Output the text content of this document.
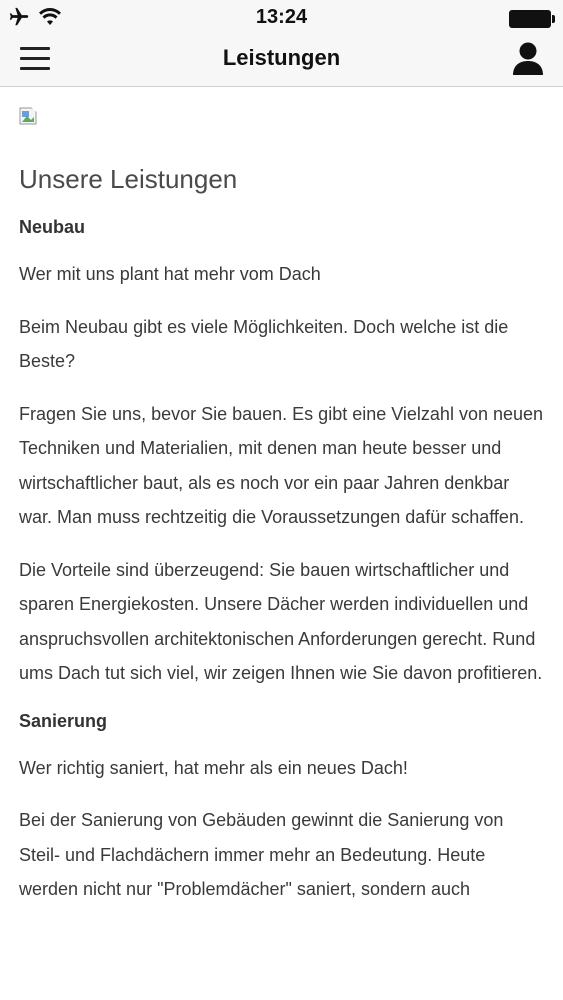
13:24
Leistungen
Unsere Leistungen
Neubau

Wer mit uns plant hat mehr vom Dach

Beim Neubau gibt es viele Möglichkeiten. Doch welche ist die Beste?

Fragen Sie uns, bevor Sie bauen. Es gibt eine Vielzahl von neuen Techniken und Materialien, mit denen man heute besser und wirtschaftlicher baut, als es noch vor ein paar Jahren denkbar war. Man muss rechtzeitig die Voraussetzungen dafür schaffen.

Die Vorteile sind überzeugend: Sie bauen wirtschaftlicher und sparen Energiekosten. Unsere Dächer werden individuellen und anspruchsvollen architektonischen Anforderungen gerecht. Rund ums Dach tut sich viel, wir zeigen Ihnen wie Sie davon profitieren.

Sanierung

Wer richtig saniert, hat mehr als ein neues Dach!

Bei der Sanierung von Gebäuden gewinnt die Sanierung von Steil- und Flachdächern immer mehr an Bedeutung. Heute werden nicht nur "Problemdächer" saniert, sondern auch
